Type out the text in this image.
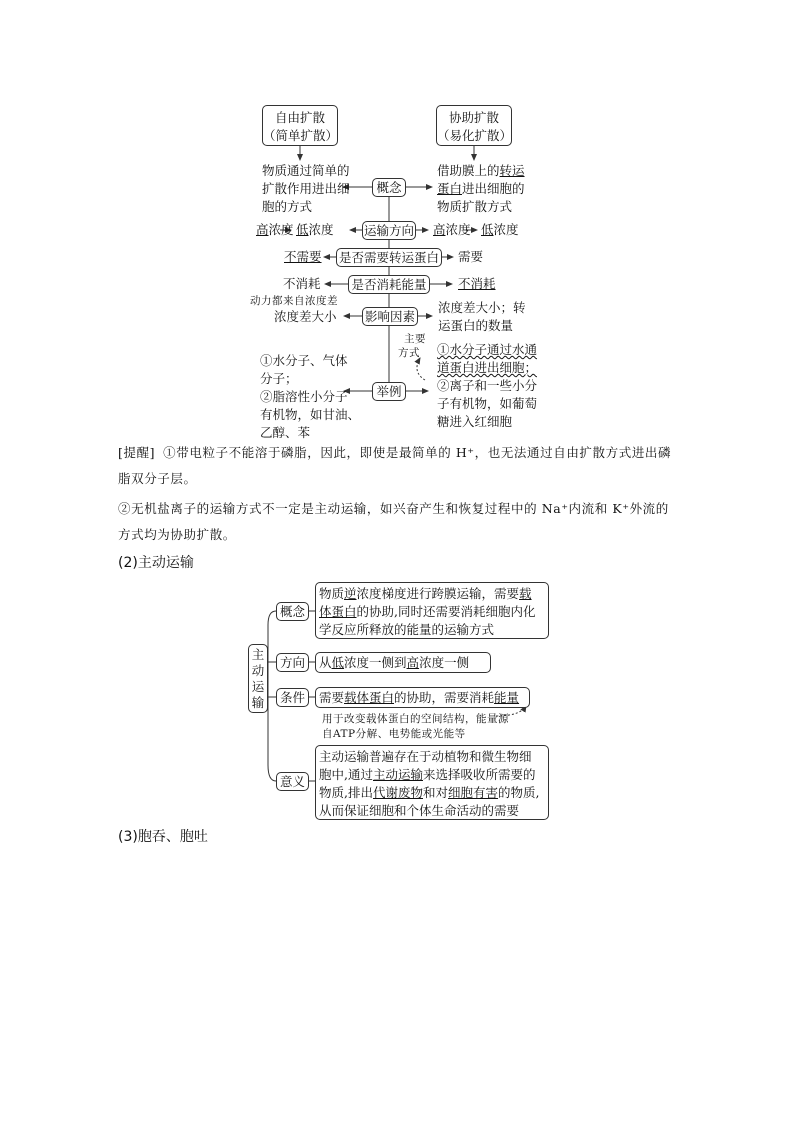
自由扩散
（简单扩散）
协助扩散
（易化扩散）
物质通过简单的
扩散作用进出细
胞的方式
概念
借助膜上的转运
蛋白进出细胞的
物质扩散方式
高浓度 低浓度 运输方向 高浓度 低浓度
不需要 是否需要转运蛋白 需要
不消耗 是否消耗能量	不消耗
动力都来自浓度差
浓度差大小 影响因素
浓度差大小；转
运蛋白的数量
①水分子、气体
分子；
②脂溶性小分子
有机物，如甘油、
乙醇、苯
举例
主要
方式	①水分子通过水通
道蛋白进出细胞；
②离子和一些小分
子有机物，如葡萄
糖进入红细胞
[提醒] ①带电粒子不能溶于磷脂，因此，即使是最简单的 H⁺，也无法通过自由扩散方式进出磷脂双分子层。
②无机盐离子的运输方式不一定是主动运输，如兴奋产生和恢复过程中的 Na⁺内流和 K⁺外流的方式均为协助扩散。
(2)主动运输
主
动
运
输
概念
物质逆浓度梯度进行跨膜运输，需要载
体蛋白的协助,同时还需要消耗细胞内化
学反应所释放的能量的运输方式
方向	从低浓度一侧到高浓度一侧
条件	需要载体蛋白的协助，需要消耗能量
用于改变载体蛋白的空间结构，能量源
自ATP分解、电势能或光能等
意义
主动运输普遍存在于动植物和微生物细
胞中,通过主动运输来选择吸收所需要的
物质,排出代谢废物和对细胞有害的物质,
从而保证细胞和个体生命活动的需要
(3)胞吞、胞吐
